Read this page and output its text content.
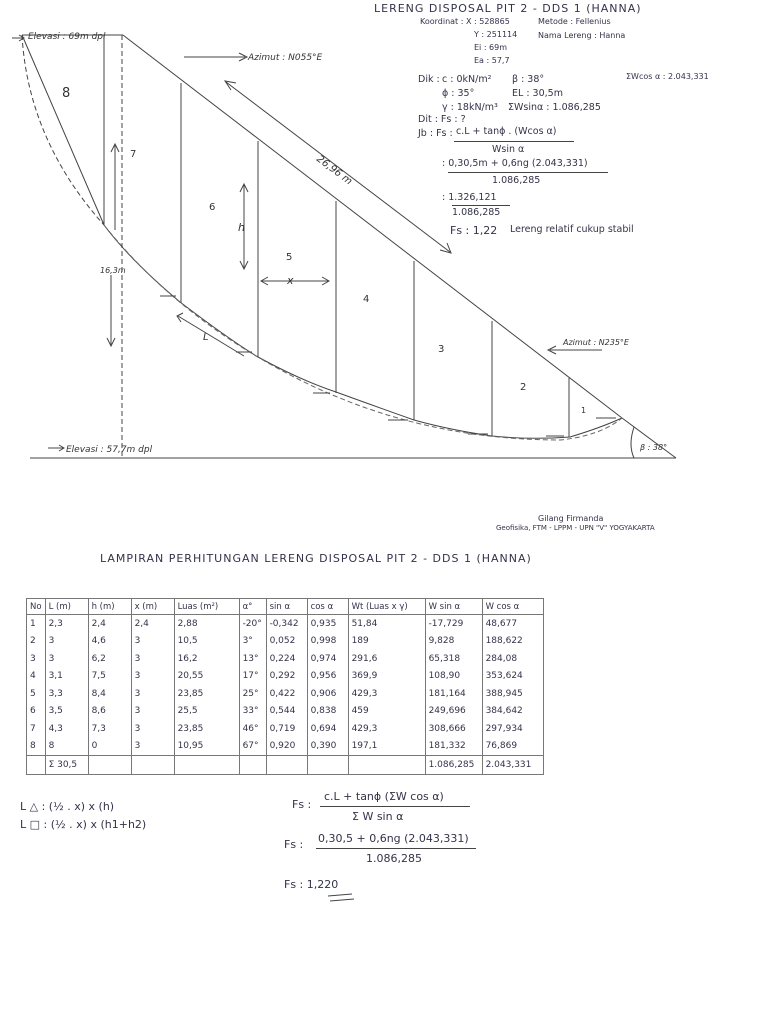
Elevasi : 69m dpl
Elevasi : 57,7m dpl
Azimut : N055°E
Azimut : N235°E
16,3m
β : 38°
h
x
L
26,96 m
8
7
6
5
4
3
2
1
LERENG DISPOSAL PIT 2 - DDS 1 (HANNA)
Koordinat : X : 528865
Y : 251114
Ei : 69m
Ea : 57,7
Metode : Fellenius
Nama Lereng : Hanna
ΣWcos α : 2.043,331
Dik : c : 0kN/m² β : 38°
ϕ : 35°	EL : 30,5m
γ : 18kN/m³ ΣWsinα : 1.086,285
Dit : Fs : ?
Jb : Fs : c.L + tanϕ . (Wcos α)
Wsin α
: 0,30,5m + 0,6ng (2.043,331)
1.086,285
: 1.326,121
1.086,285
Fs : 1,22 Lereng relatif cukup stabil
Gilang Firmanda
Geofisika, FTM - LPPM - UPN "V" YOGYAKARTA
LAMPIRAN PERHITUNGAN LERENG DISPOSAL PIT 2 - DDS 1 (HANNA)
No	L (m)	h (m)	x (m)	Luas (m²)	α°	sin α	cos α	Wt (Luas x γ)	W sin α	W cos α
1	2,3	2,4	2,4	2,88	-20°	-0,342	0,935	51,84	-17,729	48,677
2	3	4,6	3	10,5	3°	0,052	0,998	189	9,828	188,622
3	3	6,2	3	16,2	13°	0,224	0,974	291,6	65,318	284,08
4	3,1	7,5	3	20,55	17°	0,292	0,956	369,9	108,90	353,624
5	3,3	8,4	3	23,85	25°	0,422	0,906	429,3	181,164	388,945
6	3,5	8,6	3	25,5	33°	0,544	0,838	459	249,696	384,642
7	4,3	7,3	3	23,85	46°	0,719	0,694	429,3	308,666	297,934
8	8	0	3	10,95	67°	0,920	0,390	197,1	181,332	76,869
	Σ 30,5								1.086,285	2.043,331
L △ : (½ . x) x (h)
L □ : (½ . x) x (h1+h2)
Fs :
c.L + tanϕ (ΣW cos α)
Σ W sin α
Fs : 0,30,5 + 0,6ng (2.043,331)
1.086,285
Fs : 1,220
